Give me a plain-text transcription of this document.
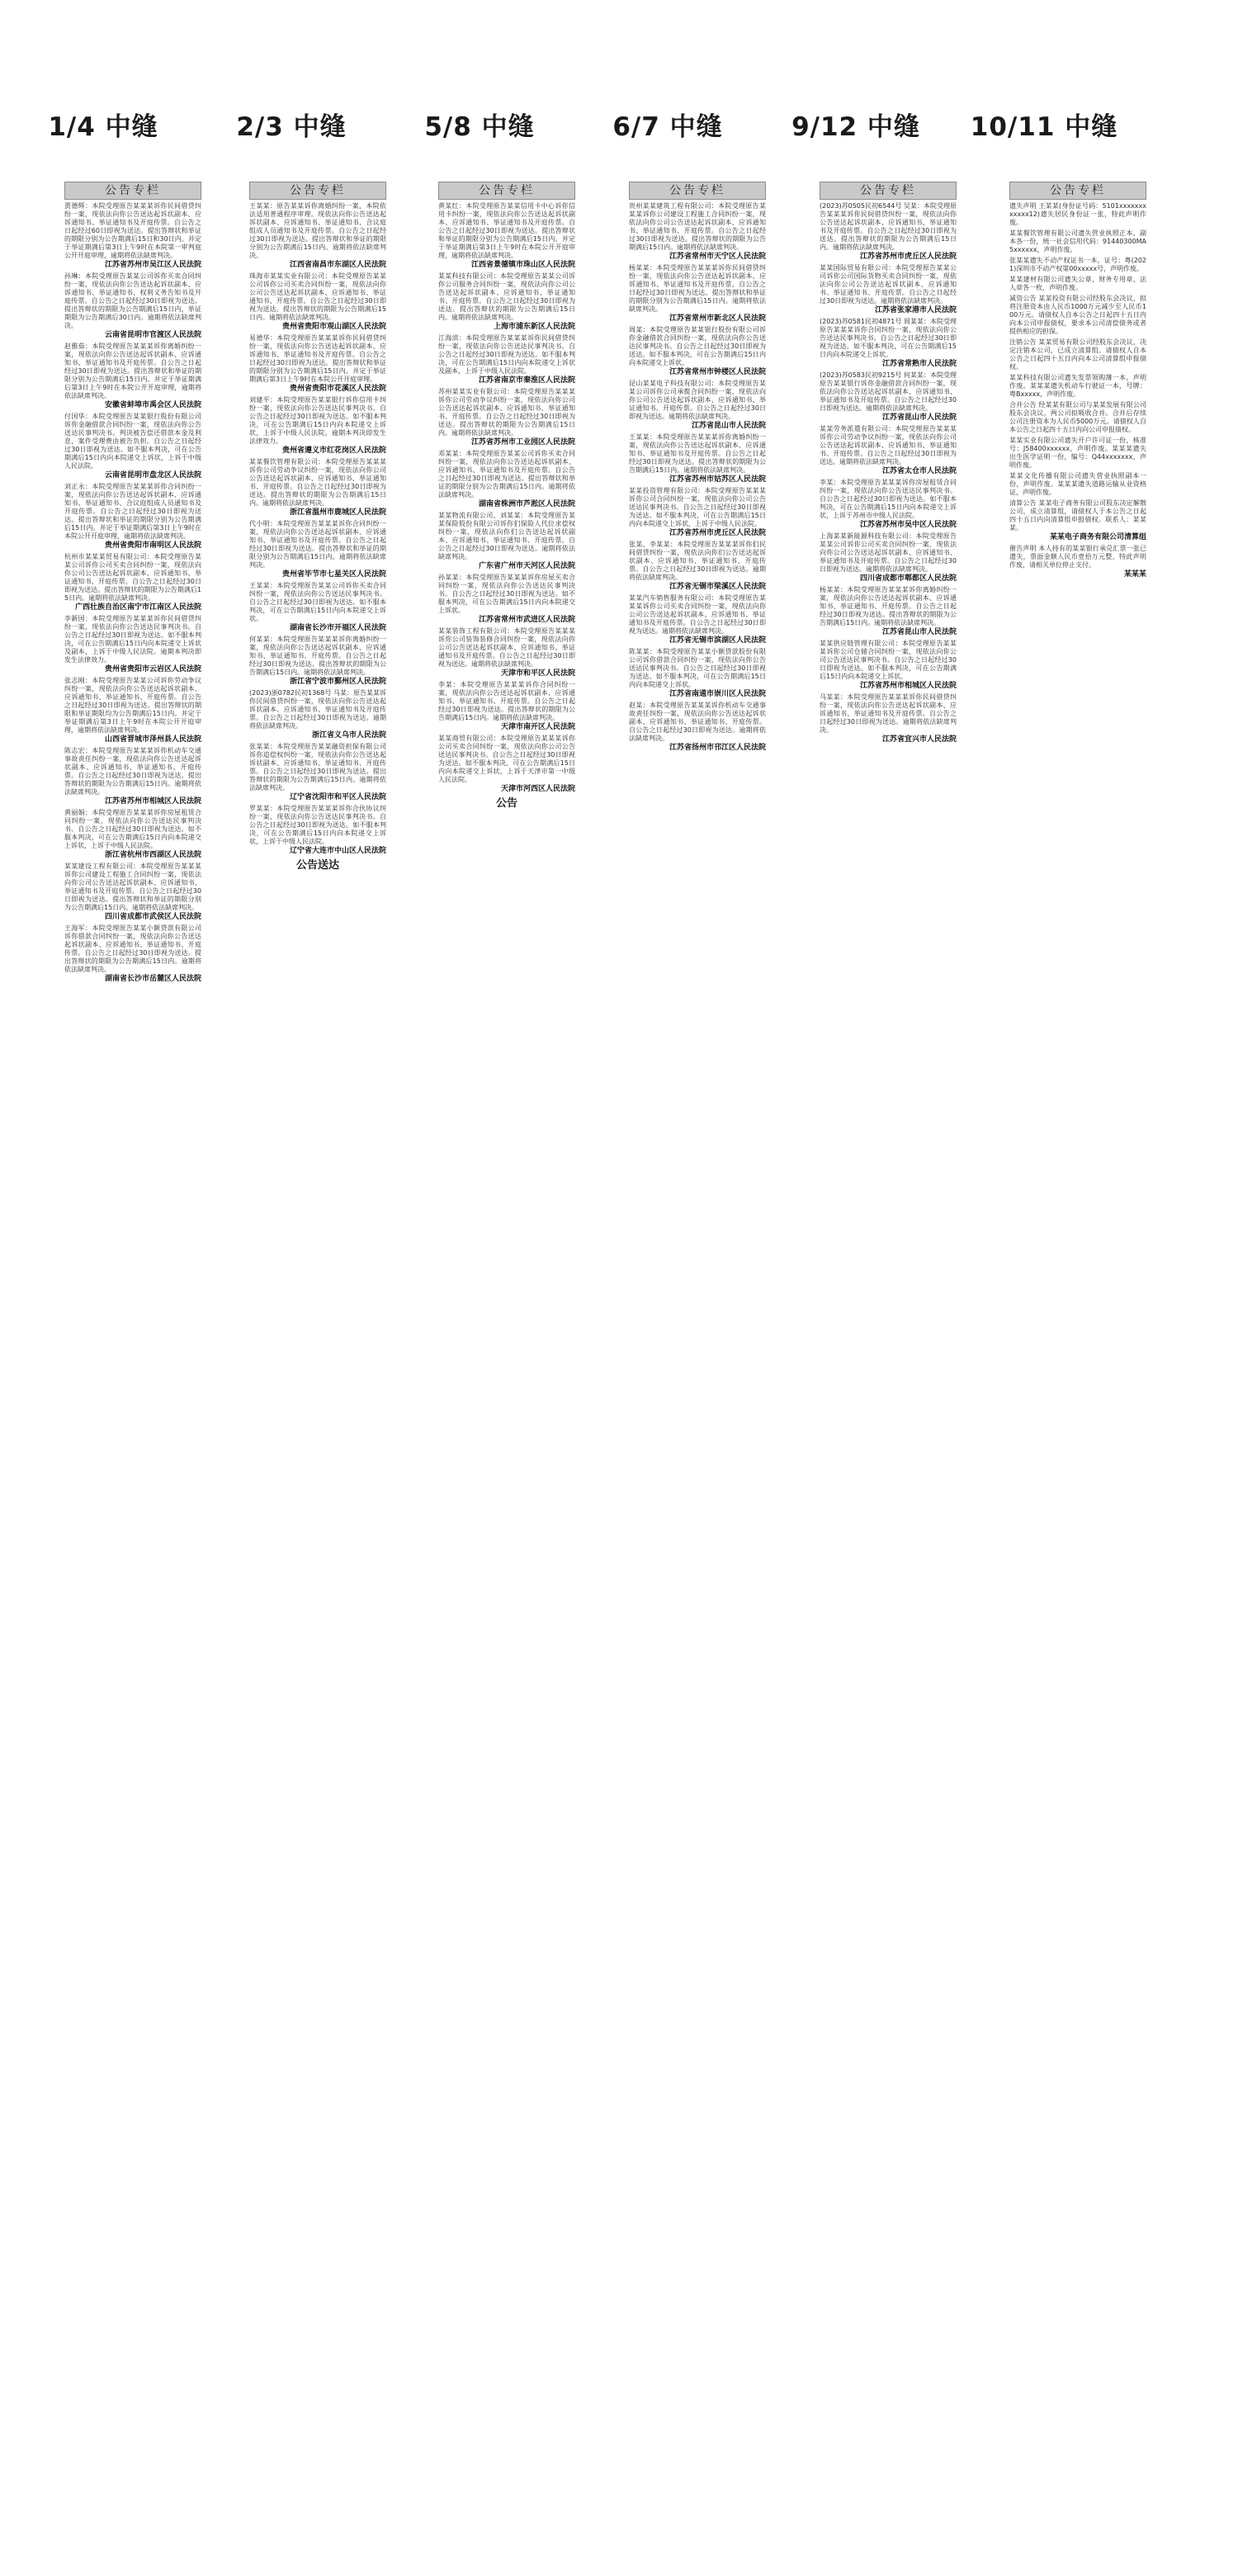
1/4 中缝	2/3 中缝	5/8 中缝	6/7 中缝	9/12 中缝	10/11 中缝
公告专栏

贾德辉：本院受理原告某某某诉你民间借贷纠纷一案，现依法向你公告送达起诉状副本、应诉通知书、举证通知书及开庭传票。自公告之日起经过60日即视为送达。提出答辩状和举证的期限分别为公告期满后15日和30日内。并定于举证期满后第3日上午9时在本院第一审判庭公开开庭审理，逾期将依法缺席判决。

江苏省苏州市吴江区人民法院

孙琳：本院受理原告某某公司诉你买卖合同纠纷一案，现依法向你公告送达起诉状副本、应诉通知书、举证通知书、权利义务告知书及开庭传票。自公告之日起经过30日即视为送达。提出答辩状的期限为公告期满后15日内，举证期限为公告期满后30日内。逾期将依法缺席判决。

云南省昆明市官渡区人民法院

赵雅茹：本院受理原告某某某诉你离婚纠纷一案，现依法向你公告送达起诉状副本、应诉通知书、举证通知书及开庭传票。自公告之日起经过30日即视为送达。提出答辩状和举证的期限分别为公告期满后15日内。并定于举证期满后第3日上午9时在本院公开开庭审理，逾期将依法缺席判决。

安徽省蚌埠市禹会区人民法院

付国华：本院受理原告某某银行股份有限公司诉你金融借款合同纠纷一案，现依法向你公告送达民事判决书。判决被告偿还借款本金及利息，案件受理费由被告负担。自公告之日起经过30日即视为送达。如不服本判决，可在公告期满后15日内向本院递交上诉状，上诉于中级人民法院。

云南省昆明市盘龙区人民法院

刘正永：本院受理原告某某某诉你合同纠纷一案，现依法向你公告送达起诉状副本、应诉通知书、举证通知书、合议庭组成人员通知书及开庭传票。自公告之日起经过30日即视为送达。提出答辩状和举证的期限分别为公告期满后15日内。并定于举证期满后第3日上午9时在本院公开开庭审理，逾期将依法缺席判决。

贵州省贵阳市南明区人民法院

杭州市某某某贸易有限公司：本院受理原告某某公司诉你公司买卖合同纠纷一案，现依法向你公司公告送达起诉状副本、应诉通知书、举证通知书、开庭传票。自公告之日起经过30日即视为送达。提出答辩状的期限为公告期满后15日内。逾期将依法缺席判决。

广西壮族自治区南宁市江南区人民法院

李新国：本院受理原告某某某诉你民间借贷纠纷一案，现依法向你公告送达民事判决书。自公告之日起经过30日即视为送达。如不服本判决，可在公告期满后15日内向本院递交上诉状及副本，上诉于中级人民法院。逾期本判决即发生法律效力。

贵州省贵阳市云岩区人民法院

张志刚：本院受理原告某某公司诉你劳动争议纠纷一案，现依法向你公告送达起诉状副本、应诉通知书、举证通知书、开庭传票。自公告之日起经过30日即视为送达。提出答辩状的期限和举证期限均为公告期满后15日内。并定于举证期满后第3日上午9时在本院公开开庭审理，逾期将依法缺席判决。

山西省晋城市泽州县人民法院

陈志宏：本院受理原告某某某诉你机动车交通事故责任纠纷一案，现依法向你公告送达起诉状副本、应诉通知书、举证通知书、开庭传票。自公告之日起经过30日即视为送达。提出答辩状的期限为公告期满后15日内。逾期将依法缺席判决。

江苏省苏州市相城区人民法院

黄丽娟：本院受理原告某某某诉你房屋租赁合同纠纷一案，现依法向你公告送达民事判决书。自公告之日起经过30日即视为送达。如不服本判决，可在公告期满后15日内向本院递交上诉状，上诉于中级人民法院。

浙江省杭州市西湖区人民法院

某某建设工程有限公司：本院受理原告某某某诉你公司建设工程施工合同纠纷一案，现依法向你公司公告送达起诉状副本、应诉通知书、举证通知书及开庭传票。自公告之日起经过30日即视为送达。提出答辩状和举证的期限分别为公告期满后15日内。逾期将依法缺席判决。

四川省成都市武侯区人民法院

王海军：本院受理原告某某小额贷款有限公司诉你借款合同纠纷一案，现依法向你公告送达起诉状副本、应诉通知书、举证通知书、开庭传票。自公告之日起经过30日即视为送达。提出答辩状的期限为公告期满后15日内。逾期将依法缺席判决。

湖南省长沙市岳麓区人民法院
公告专栏

王某某：原告某某诉你离婚纠纷一案，本院依法适用普通程序审理。现依法向你公告送达起诉状副本、应诉通知书、举证通知书、合议庭组成人员通知书及开庭传票。自公告之日起经过30日即视为送达。提出答辩状和举证的期限分别为公告期满后15日内。逾期将依法缺席判决。

江西省南昌市东湖区人民法院

珠海市某某实业有限公司：本院受理原告某某公司诉你公司买卖合同纠纷一案，现依法向你公司公告送达起诉状副本、应诉通知书、举证通知书、开庭传票。自公告之日起经过30日即视为送达。提出答辩状的期限为公告期满后15日内。逾期将依法缺席判决。

贵州省贵阳市观山湖区人民法院

易德华：本院受理原告某某某诉你民间借贷纠纷一案，现依法向你公告送达起诉状副本、应诉通知书、举证通知书及开庭传票。自公告之日起经过30日即视为送达。提出答辩状和举证的期限分别为公告期满后15日内。并定于举证期满后第3日上午9时在本院公开开庭审理。

贵州省贵阳市花溪区人民法院

刘建平：本院受理原告某某银行诉你信用卡纠纷一案，现依法向你公告送达民事判决书。自公告之日起经过30日即视为送达。如不服本判决，可在公告期满后15日内向本院递交上诉状，上诉于中级人民法院。逾期本判决即发生法律效力。

贵州省遵义市红花岗区人民法院

某某餐饮管理有限公司：本院受理原告某某某诉你公司劳动争议纠纷一案，现依法向你公司公告送达起诉状副本、应诉通知书、举证通知书、开庭传票。自公告之日起经过30日即视为送达。提出答辩状的期限为公告期满后15日内。逾期将依法缺席判决。

浙江省温州市鹿城区人民法院

代小明：本院受理原告某某某诉你合同纠纷一案，现依法向你公告送达起诉状副本、应诉通知书、举证通知书及开庭传票。自公告之日起经过30日即视为送达。提出答辩状和举证的期限分别为公告期满后15日内。逾期将依法缺席判决。

贵州省毕节市七星关区人民法院

王某某：本院受理原告某某公司诉你买卖合同纠纷一案，现依法向你公告送达民事判决书。自公告之日起经过30日即视为送达。如不服本判决，可在公告期满后15日内向本院递交上诉状。

湖南省长沙市开福区人民法院

何某某：本院受理原告某某某诉你离婚纠纷一案，现依法向你公告送达起诉状副本、应诉通知书、举证通知书、开庭传票。自公告之日起经过30日即视为送达。提出答辩状的期限为公告期满后15日内。逾期将依法缺席判决。

浙江省宁波市鄞州区人民法院

(2023)浙0782民初1368号 马某：原告某某诉你民间借贷纠纷一案，现依法向你公告送达起诉状副本、应诉通知书、举证通知书及开庭传票。自公告之日起经过30日即视为送达。逾期将依法缺席判决。

浙江省义乌市人民法院

张某某：本院受理原告某某融资担保有限公司诉你追偿权纠纷一案，现依法向你公告送达起诉状副本、应诉通知书、举证通知书、开庭传票。自公告之日起经过30日即视为送达。提出答辩状的期限为公告期满后15日内。逾期将依法缺席判决。

辽宁省沈阳市和平区人民法院

罗某某：本院受理原告某某某诉你合伙协议纠纷一案，现依法向你公告送达民事判决书。自公告之日起经过30日即视为送达。如不服本判决，可在公告期满后15日内向本院递交上诉状，上诉于中级人民法院。

辽宁省大连市中山区人民法院
公告送达
公告专栏

黄某红：本院受理原告某某信用卡中心诉你信用卡纠纷一案，现依法向你公告送达起诉状副本、应诉通知书、举证通知书及开庭传票。自公告之日起经过30日即视为送达。提出答辩状和举证的期限分别为公告期满后15日内。并定于举证期满后第3日上午9时在本院公开开庭审理，逾期将依法缺席判决。

江西省景德镇市珠山区人民法院

某某科技有限公司：本院受理原告某某公司诉你公司服务合同纠纷一案，现依法向你公司公告送达起诉状副本、应诉通知书、举证通知书、开庭传票。自公告之日起经过30日即视为送达。提出答辩状的期限为公告期满后15日内。逾期将依法缺席判决。

上海市浦东新区人民法院

江海滨：本院受理原告某某某诉你民间借贷纠纷一案，现依法向你公告送达民事判决书。自公告之日起经过30日即视为送达。如不服本判决，可在公告期满后15日内向本院递交上诉状及副本，上诉于中级人民法院。

江苏省南京市秦淮区人民法院

苏州某某实业有限公司：本院受理原告某某某诉你公司劳动争议纠纷一案，现依法向你公司公告送达起诉状副本、应诉通知书、举证通知书、开庭传票。自公告之日起经过30日即视为送达。提出答辩状的期限为公告期满后15日内。逾期将依法缺席判决。

江苏省苏州市工业园区人民法院

邓某某：本院受理原告某某公司诉你买卖合同纠纷一案，现依法向你公告送达起诉状副本、应诉通知书、举证通知书及开庭传票。自公告之日起经过30日即视为送达。提出答辩状和举证的期限分别为公告期满后15日内。逾期将依法缺席判决。

湖南省株洲市芦淞区人民法院

某某物流有限公司、刘某某：本院受理原告某某保险股份有限公司诉你们保险人代位求偿权纠纷一案，现依法向你们公告送达起诉状副本、应诉通知书、举证通知书、开庭传票。自公告之日起经过30日即视为送达。逾期将依法缺席判决。

广东省广州市天河区人民法院

孙某某：本院受理原告某某某诉你房屋买卖合同纠纷一案，现依法向你公告送达民事判决书。自公告之日起经过30日即视为送达。如不服本判决，可在公告期满后15日内向本院递交上诉状。

江苏省常州市武进区人民法院

某某装饰工程有限公司：本院受理原告某某某诉你公司装饰装修合同纠纷一案，现依法向你公司公告送达起诉状副本、应诉通知书、举证通知书及开庭传票。自公告之日起经过30日即视为送达。逾期将依法缺席判决。

天津市和平区人民法院

李某：本院受理原告某某某诉你合同纠纷一案，现依法向你公告送达起诉状副本、应诉通知书、举证通知书、开庭传票。自公告之日起经过30日即视为送达。提出答辩状的期限为公告期满后15日内。逾期将依法缺席判决。

天津市南开区人民法院

某某商贸有限公司：本院受理原告某某某诉你公司买卖合同纠纷一案，现依法向你公司公告送达民事判决书。自公告之日起经过30日即视为送达。如不服本判决，可在公告期满后15日内向本院递交上诉状，上诉于天津市第一中级人民法院。

天津市河西区人民法院
公告
公告专栏

贵州某某建筑工程有限公司：本院受理原告某某某诉你公司建设工程施工合同纠纷一案，现依法向你公司公告送达起诉状副本、应诉通知书、举证通知书、开庭传票。自公告之日起经过30日即视为送达。提出答辩状的期限为公告期满后15日内。逾期将依法缺席判决。

江苏省常州市天宁区人民法院

杨某某：本院受理原告某某某诉你民间借贷纠纷一案，现依法向你公告送达起诉状副本、应诉通知书、举证通知书及开庭传票。自公告之日起经过30日即视为送达。提出答辩状和举证的期限分别为公告期满后15日内。逾期将依法缺席判决。

江苏省常州市新北区人民法院

周某：本院受理原告某某银行股份有限公司诉你金融借款合同纠纷一案，现依法向你公告送达民事判决书。自公告之日起经过30日即视为送达。如不服本判决，可在公告期满后15日内向本院递交上诉状。

江苏省常州市钟楼区人民法院

昆山某某电子科技有限公司：本院受理原告某某公司诉你公司承揽合同纠纷一案，现依法向你公司公告送达起诉状副本、应诉通知书、举证通知书、开庭传票。自公告之日起经过30日即视为送达。逾期将依法缺席判决。

江苏省昆山市人民法院

王某某：本院受理原告某某某诉你离婚纠纷一案，现依法向你公告送达起诉状副本、应诉通知书、举证通知书及开庭传票。自公告之日起经过30日即视为送达。提出答辩状的期限为公告期满后15日内。逾期将依法缺席判决。

江苏省苏州市姑苏区人民法院

某某投资管理有限公司：本院受理原告某某某诉你公司合同纠纷一案，现依法向你公司公告送达民事判决书。自公告之日起经过30日即视为送达。如不服本判决，可在公告期满后15日内向本院递交上诉状，上诉于中级人民法院。

江苏省苏州市虎丘区人民法院

张某、李某某：本院受理原告某某某诉你们民间借贷纠纷一案，现依法向你们公告送达起诉状副本、应诉通知书、举证通知书、开庭传票。自公告之日起经过30日即视为送达。逾期将依法缺席判决。

江苏省无锡市梁溪区人民法院

某某汽车销售服务有限公司：本院受理原告某某某诉你公司买卖合同纠纷一案，现依法向你公司公告送达起诉状副本、应诉通知书、举证通知书及开庭传票。自公告之日起经过30日即视为送达。逾期将依法缺席判决。

江苏省无锡市滨湖区人民法院

陈某某：本院受理原告某某小额贷款股份有限公司诉你借款合同纠纷一案，现依法向你公告送达民事判决书。自公告之日起经过30日即视为送达。如不服本判决，可在公告期满后15日内向本院递交上诉状。

江苏省南通市崇川区人民法院

赵某：本院受理原告某某某诉你机动车交通事故责任纠纷一案，现依法向你公告送达起诉状副本、应诉通知书、举证通知书、开庭传票。自公告之日起经过30日即视为送达。逾期将依法缺席判决。

江苏省扬州市邗江区人民法院
公告专栏

(2023)苏0505民初6544号 吴某：本院受理原告某某某诉你民间借贷纠纷一案，现依法向你公告送达起诉状副本、应诉通知书、举证通知书及开庭传票。自公告之日起经过30日即视为送达。提出答辩状的期限为公告期满后15日内。逾期将依法缺席判决。

江苏省苏州市虎丘区人民法院

某某国际贸易有限公司：本院受理原告某某公司诉你公司国际货物买卖合同纠纷一案，现依法向你公司公告送达起诉状副本、应诉通知书、举证通知书、开庭传票。自公告之日起经过30日即视为送达。逾期将依法缺席判决。

江苏省张家港市人民法院

(2023)苏0581民初4871号 周某某：本院受理原告某某某诉你合同纠纷一案，现依法向你公告送达民事判决书。自公告之日起经过30日即视为送达。如不服本判决，可在公告期满后15日内向本院递交上诉状。

江苏省常熟市人民法院

(2023)苏0583民初9215号 何某某：本院受理原告某某银行诉你金融借款合同纠纷一案，现依法向你公告送达起诉状副本、应诉通知书、举证通知书及开庭传票。自公告之日起经过30日即视为送达。逾期将依法缺席判决。

江苏省昆山市人民法院

某某劳务派遣有限公司：本院受理原告某某某诉你公司劳动争议纠纷一案，现依法向你公司公告送达起诉状副本、应诉通知书、举证通知书、开庭传票。自公告之日起经过30日即视为送达。逾期将依法缺席判决。

江苏省太仓市人民法院

李某：本院受理原告某某某诉你房屋租赁合同纠纷一案，现依法向你公告送达民事判决书。自公告之日起经过30日即视为送达。如不服本判决，可在公告期满后15日内向本院递交上诉状，上诉于苏州市中级人民法院。

江苏省苏州市吴中区人民法院

上海某某新能源科技有限公司：本院受理原告某某公司诉你公司买卖合同纠纷一案，现依法向你公司公告送达起诉状副本、应诉通知书、举证通知书及开庭传票。自公告之日起经过30日即视为送达。逾期将依法缺席判决。

四川省成都市郫都区人民法院

杨某某：本院受理原告某某某诉你离婚纠纷一案，现依法向你公告送达起诉状副本、应诉通知书、举证通知书、开庭传票。自公告之日起经过30日即视为送达。提出答辩状的期限为公告期满后15日内。逾期将依法缺席判决。

江苏省昆山市人民法院

某某供应链管理有限公司：本院受理原告某某某诉你公司仓储合同纠纷一案，现依法向你公司公告送达民事判决书。自公告之日起经过30日即视为送达。如不服本判决，可在公告期满后15日内向本院递交上诉状。

江苏省苏州市相城区人民法院

马某某：本院受理原告某某某诉你民间借贷纠纷一案，现依法向你公告送达起诉状副本、应诉通知书、举证通知书及开庭传票。自公告之日起经过30日即视为送达。逾期将依法缺席判决。

江苏省宜兴市人民法院
公告专栏

遗失声明 王某某(身份证号码：5101xxxxxxxxxxxx12)遗失居民身份证一张，特此声明作废。

某某餐饮管理有限公司遗失营业执照正本、副本各一份，统一社会信用代码：91440300MA5xxxxxx，声明作废。

张某某遗失不动产权证书一本，证号：粤(2021)深圳市不动产权第00xxxxx号，声明作废。

某某建材有限公司遗失公章、财务专用章、法人章各一枚，声明作废。

减资公告 某某投资有限公司经股东会决议，拟将注册资本由人民币1000万元减少至人民币100万元。请债权人自本公告之日起四十五日内向本公司申报债权，要求本公司清偿债务或者提供相应的担保。

注销公告 某某贸易有限公司经股东会决议，决定注销本公司，已成立清算组。请债权人自本公告之日起四十五日内向本公司清算组申报债权。

某某科技有限公司遗失发票领购簿一本，声明作废。某某某遗失机动车行驶证一本，号牌：粤Bxxxxx，声明作废。

合并公告 经某某有限公司与某某发展有限公司股东会决议，两公司拟吸收合并。合并后存续公司注册资本为人民币5000万元。请债权人自本公告之日起四十五日内向公司申报债权。

某某实业有限公司遗失开户许可证一份，核准号：J58400xxxxxx，声明作废。某某某遗失出生医学证明一份，编号：Q44xxxxxxx，声明作废。

某某文化传播有限公司遗失营业执照副本一份，声明作废。某某某遗失道路运输从业资格证，声明作废。

清算公告 某某电子商务有限公司股东决定解散公司，成立清算组，请债权人于本公告之日起四十五日内向清算组申报债权。联系人：某某某。

某某电子商务有限公司清算组

催告声明 本人持有的某某银行承兑汇票一张已遗失，票面金额人民币壹拾万元整，特此声明作废，请相关单位停止支付。

某某某
